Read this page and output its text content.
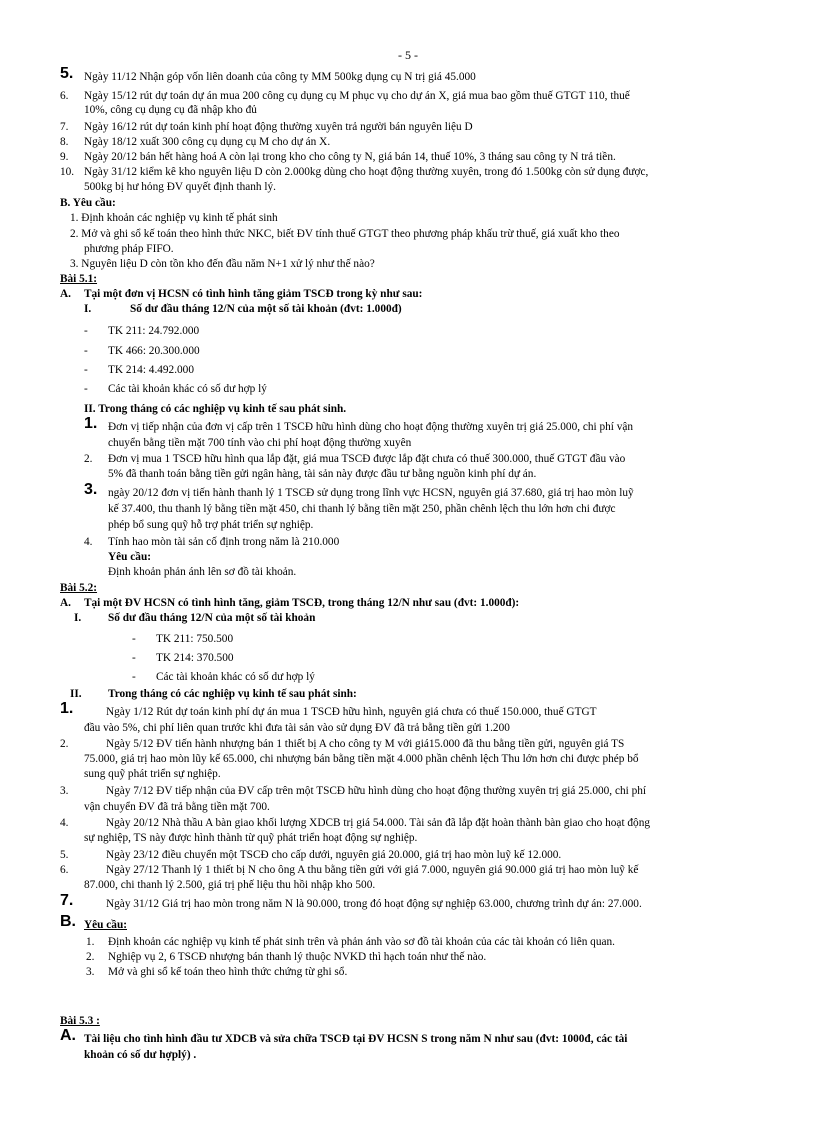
- 5 -
5. Ngày 11/12 Nhận góp vốn liên doanh của công ty MM 500kg dụng cụ N trị giá 45.000
6. Ngày 15/12 rút dự toán dự án mua 200 công cụ dụng cụ M phục vụ cho dự án X, giá mua bao gồm thuế GTGT 110, thuế
10%, công cụ dụng cụ đã nhập kho đủ
7. Ngày 16/12 rút dự toán kinh phí hoạt động thường xuyên trả người bán nguyên liệu D
8. Ngày 18/12 xuất 300 công cụ dụng cụ M cho dự án X.
9. Ngày 20/12 bán hết hàng hoá A còn lại trong kho cho công ty N, giá bán 14, thuế 10%, 3 tháng sau công ty N trả tiền.
10. Ngày 31/12 kiểm kê kho nguyên liệu D còn 2.000kg dùng cho hoạt động thường xuyên, trong đó 1.500kg còn sử dụng được,
500kg bị hư hỏng ĐV quyết định thanh lý.
B. Yêu cầu:
1. Định khoản các nghiệp vụ kinh tế phát sinh
2. Mở và ghi sổ kế toán theo hình thức NKC, biết ĐV tính thuế GTGT theo phương pháp khấu trừ thuế, giá xuất kho theo
phương pháp FIFO.
3. Nguyên liệu D còn tồn kho đến đầu năm N+1 xử lý như thế nào?
Bài 5.1:
A. Tại một đơn vị HCSN có tình hình tăng giảm TSCĐ trong kỳ như sau:
I.	Số dư đầu tháng 12/N của một số tài khoản (đvt: 1.000đ)
- TK 211: 24.792.000
- TK 466: 20.300.000
- TK 214: 4.492.000
- Các tài khoản khác có số dư hợp lý
II. Trong tháng có các nghiệp vụ kinh tế sau phát sinh.
1. Đơn vị tiếp nhận của đơn vị cấp trên 1 TSCĐ hữu hình dùng cho hoạt động thường xuyên trị giá 25.000, chi phí vận
chuyển bằng tiền mặt 700 tính vào chi phí hoạt động thường xuyên
2. Đơn vị mua 1 TSCĐ hữu hình qua lắp đặt, giá mua TSCĐ được lắp đặt chưa có thuế 300.000, thuế GTGT đầu vào
5% đã thanh toán bằng tiền gửi ngân hàng, tài sản này được đầu tư bằng nguồn kinh phí dự án.
3. ngày 20/12 đơn vị tiến hành thanh lý 1 TSCĐ sử dụng trong lĩnh vực HCSN, nguyên giá 37.680, giá trị hao mòn luỹ
kế 37.400, thu thanh lý bằng tiền mặt 450, chi thanh lý bằng tiền mặt 250, phần chênh lệch thu lớn hơn chi được
phép bổ sung quỹ hỗ trợ phát triển sự nghiệp.
4. Tính hao mòn tài sản cố định trong năm là 210.000
Yêu cầu:
Định khoản phản ánh lên sơ đồ tài khoản.
Bài 5.2:
A. Tại một ĐV HCSN có tình hình tăng, giảm TSCĐ, trong tháng 12/N như sau (đvt: 1.000đ):
I. Số dư đầu tháng 12/N của một số tài khoản
- TK 211: 750.500
- TK 214: 370.500
- Các tài khoản khác có số dư hợp lý
II. Trong tháng có các nghiệp vụ kinh tế sau phát sinh:
1.	Ngày 1/12 Rút dự toán kinh phí dự án mua 1 TSCĐ hữu hình, nguyên giá chưa có thuế 150.000, thuế GTGT
đầu vào 5%, chi phí liên quan trước khi đưa tài sản vào sử dụng ĐV đã trả bằng tiền gửi 1.200
2.	Ngày 5/12 ĐV tiến hành nhượng bán 1 thiết bị A cho công ty M với giá15.000 đã thu bằng tiền gửi, nguyên giá TS
75.000, giá trị hao mòn lũy kế 65.000, chi nhượng bán bằng tiền mặt 4.000 phần chênh lệch Thu lớn hơn chi được phép bổ
sung quỹ phát triển sự nghiệp.
3.	Ngày 7/12 ĐV tiếp nhận của ĐV cấp trên một TSCĐ hữu hình dùng cho hoạt động thường xuyên trị giá 25.000, chi phí
vận chuyển ĐV đã trả bằng tiền mặt 700.
4.	Ngày 20/12 Nhà thầu A bàn giao khối lượng XDCB trị giá 54.000. Tài sản đã lắp đặt hoàn thành bàn giao cho hoạt động
sự nghiệp, TS này được hình thành từ quỹ phát triển hoạt động sự nghiệp.
5.	Ngày 23/12 điều chuyển một TSCĐ cho cấp dưới, nguyên giá 20.000, giá trị hao mòn luỹ kế 12.000.
6.	Ngày 27/12 Thanh lý 1 thiết bị N cho ông A thu bằng tiền gửi với giá 7.000, nguyên giá 90.000 giá trị hao mòn luỹ kế
87.000, chi thanh lý 2.500, giá trị phế liệu thu hồi nhập kho 500.
7.	Ngày 31/12 Giá trị hao mòn trong năm N là 90.000, trong đó hoạt động sự nghiệp 63.000, chương trình dự án: 27.000.
B. Yêu cầu:
1. Định khoản các nghiệp vụ kinh tế phát sinh trên và phản ánh vào sơ đồ tài khoản của các tài khoản có liên quan.
2. Nghiệp vụ 2, 6 TSCĐ nhượng bán thanh lý thuộc NVKD thì hạch toán như thế nào.
3. Mở và ghi sổ kế toán theo hình thức chứng từ ghi sổ.
Bài 5.3 :
A. Tài liệu cho tình hình đầu tư XDCB và sửa chữa TSCĐ tại ĐV HCSN S trong năm N như sau (đvt: 1000đ, các tài
khoản có số dư hợplý) .
